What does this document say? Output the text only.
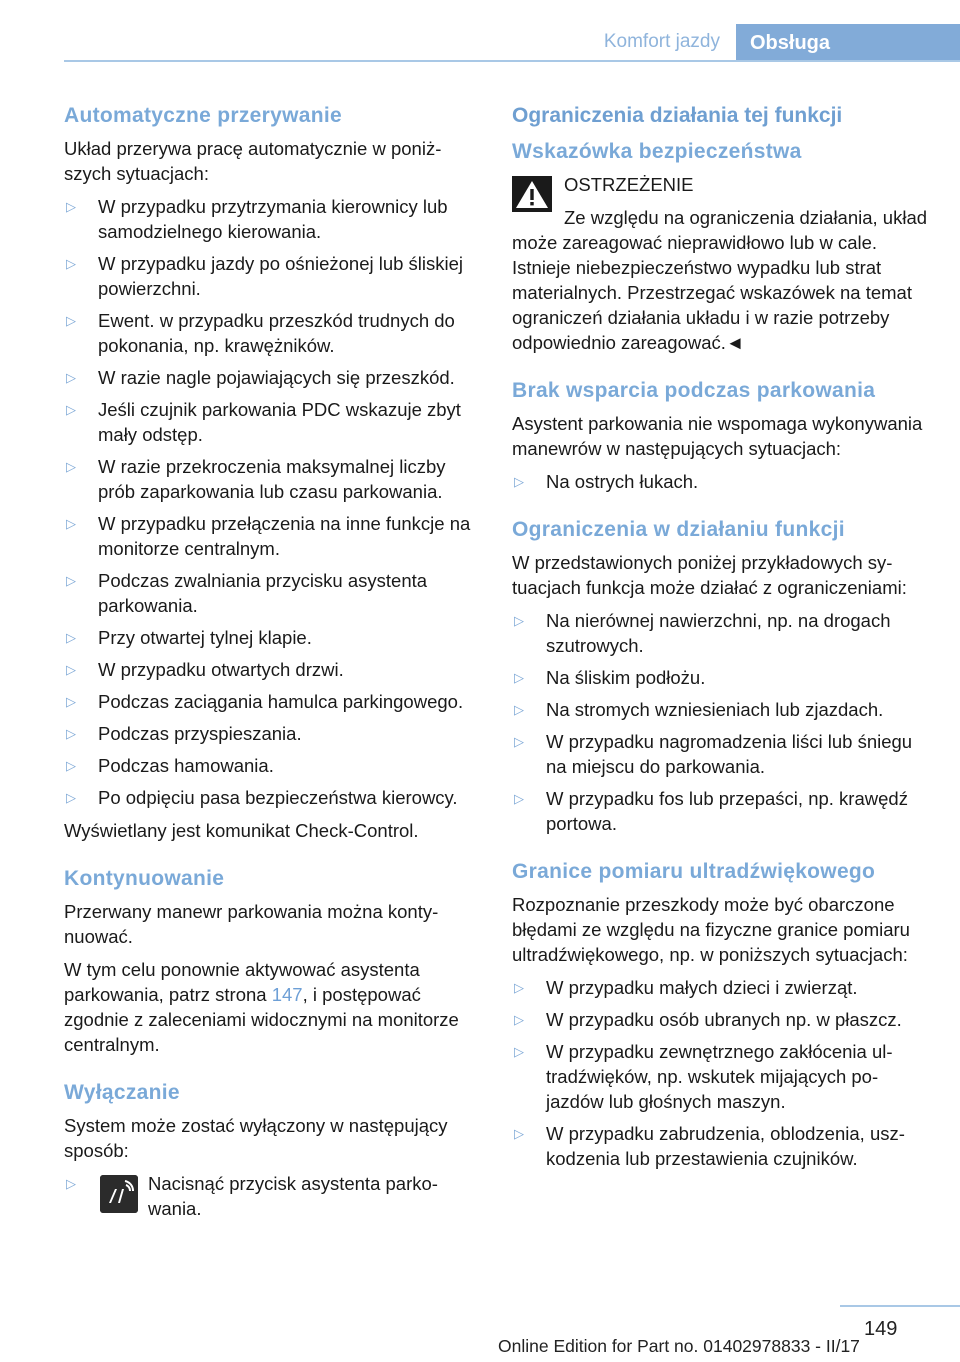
Komfort jazdy	Obsługa
Automatyczne przerywanie

Układ przerywa pracę automatycznie w poniższych sytuacjach:

▷ W przypadku przytrzymania kierownicy lub samodzielnego kierowania.
▷ W przypadku jazdy po ośnieżonej lub śliskiej powierzchni.
▷ Ewent. w przypadku przeszkód trudnych do pokonania, np. krawężników.
▷ W razie nagle pojawiających się przeszkód.
▷ Jeśli czujnik parkowania PDC wskazuje zbyt mały odstęp.
▷ W razie przekroczenia maksymalnej liczby prób zaparkowania lub czasu parkowania.
▷ W przypadku przełączenia na inne funkcje na monitorze centralnym.
▷ Podczas zwalniania przycisku asystenta parkowania.
▷ Przy otwartej tylnej klapie.
▷ W przypadku otwartych drzwi.
▷ Podczas zaciągania hamulca parkingowego.
▷ Podczas przyspieszania.
▷ Podczas hamowania.
▷ Po odpięciu pasa bezpieczeństwa kierowcy.

Wyświetlany jest komunikat Check-Control.

Kontynuowanie

Przerwany manewr parkowania można kontynuować.

W tym celu ponownie aktywować asystenta parkowania, patrz strona 147, i postępować zgodnie z zaleceniami widocznymi na monitorze centralnym.

Wyłączanie

System może zostać wyłączony w następujący sposób:

▷	Nacisnąć przycisk asystenta parkowania.
Ograniczenia działania tej funkcji
Wskazówka bezpieczeństwa
OSTRZEŻENIE
Ze względu na ograniczenia działania, układ może zareagować nieprawidłowo lub w cale. Istnieje niebezpieczeństwo wypadku lub strat materialnych. Przestrzegać wskazówek na temat ograniczeń działania układu i w razie potrzeby odpowiednio zareagować.◄
Brak wsparcia podczas parkowania

Asystent parkowania nie wspomaga wykonywania manewrów w następujących sytuacjach:

▷ Na ostrych łukach.
Ograniczenia w działaniu funkcji

W przedstawionych poniżej przykładowych sytuacjach funkcja może działać z ograniczeniami:

▷ Na nierównej nawierzchni, np. na drogach szutrowych.
▷ Na śliskim podłożu.
▷ Na stromych wzniesieniach lub zjazdach.
▷ W przypadku nagromadzenia liści lub śniegu na miejscu do parkowania.
▷ W przypadku fos lub przepaści, np. krawędź portowa.
Granice pomiaru ultradźwiękowego

Rozpoznanie przeszkody może być obarczone błędami ze względu na fizyczne granice pomiaru ultradźwiękowego, np. w poniższych sytuacjach:

▷ W przypadku małych dzieci i zwierząt.
▷ W przypadku osób ubranych np. w płaszcz.
▷ W przypadku zewnętrznego zakłócenia ultradźwięków, np. wskutek mijających pojazdów lub głośnych maszyn.
▷ W przypadku zabrudzenia, oblodzenia, uszkodzenia lub przestawienia czujników.
149
Online Edition for Part no. 01402978833 - II/17
